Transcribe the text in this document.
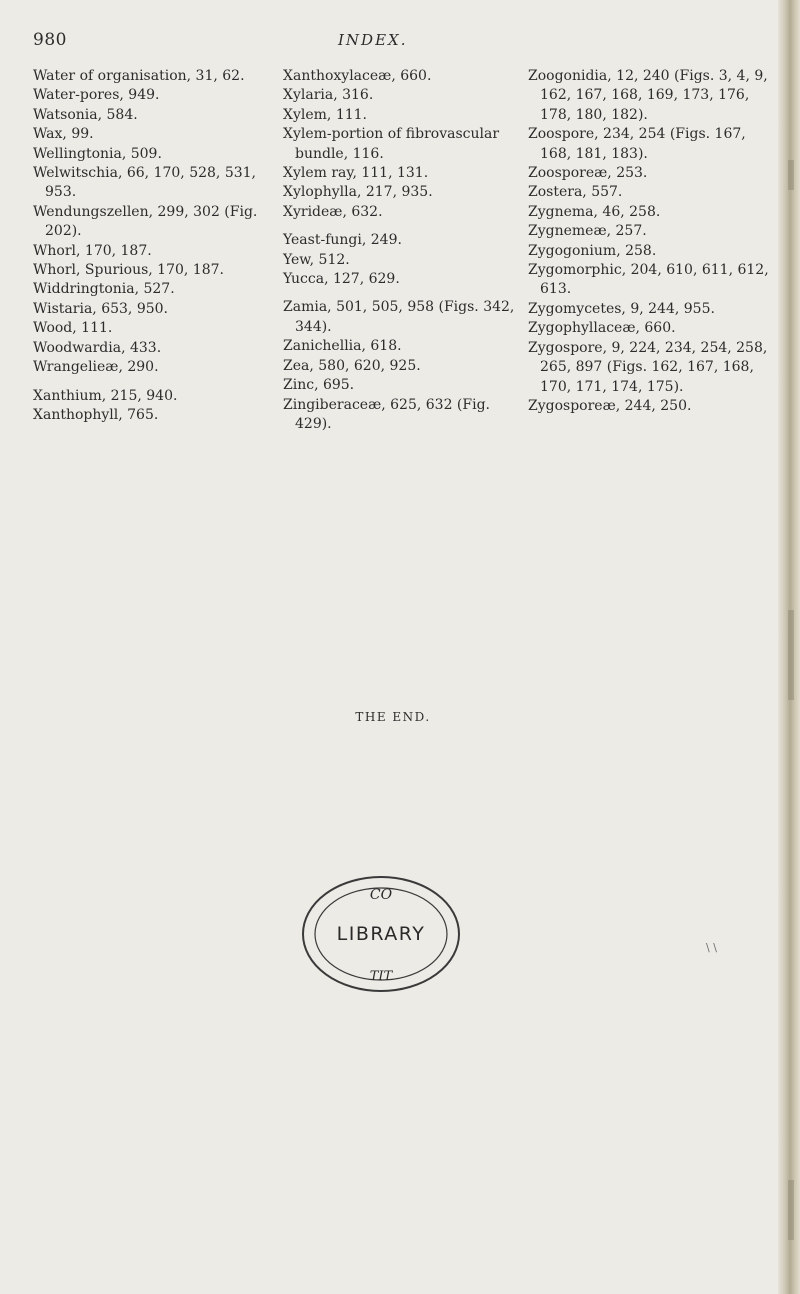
980	INDEX.
Water of organisation, 31, 62.
Water-pores, 949.
Watsonia, 584.
Wax, 99.
Wellingtonia, 509.
Welwitschia, 66, 170, 528, 531, 953.
Wendungszellen, 299, 302 (Fig. 202).
Whorl, 170, 187.
Whorl, Spurious, 170, 187.
Widdringtonia, 527.
Wistaria, 653, 950.
Wood, 111.
Woodwardia, 433.
Wrangelieæ, 290.
Xanthium, 215, 940.
Xanthophyll, 765.
Xanthoxylaceæ, 660.
Xylaria, 316.
Xylem, 111.
Xylem-portion of fibrovascular bundle, 116.
Xylem ray, 111, 131.
Xylophylla, 217, 935.
Xyrideæ, 632.
Yeast-fungi, 249.
Yew, 512.
Yucca, 127, 629.
Zamia, 501, 505, 958 (Figs. 342, 344).
Zanichellia, 618.
Zea, 580, 620, 925.
Zinc, 695.
Zingiberaceæ, 625, 632 (Fig. 429).
Zoogonidia, 12, 240 (Figs. 3, 4, 9, 162, 167, 168, 169, 173, 176, 178, 180, 182).
Zoospore, 234, 254 (Figs. 167, 168, 181, 183).
Zoosporeæ, 253.
Zostera, 557.
Zygnema, 46, 258.
Zygnemeæ, 257.
Zygogonium, 258.
Zygomorphic, 204, 610, 611, 612, 613.
Zygomycetes, 9, 244, 955.
Zygophyllaceæ, 660.
Zygospore, 9, 224, 234, 254, 258, 265, 897 (Figs. 162, 167, 168, 170, 171, 174, 175).
Zygosporeæ, 244, 250.
THE END.
CO
LIBRARY
TIT
\ \
